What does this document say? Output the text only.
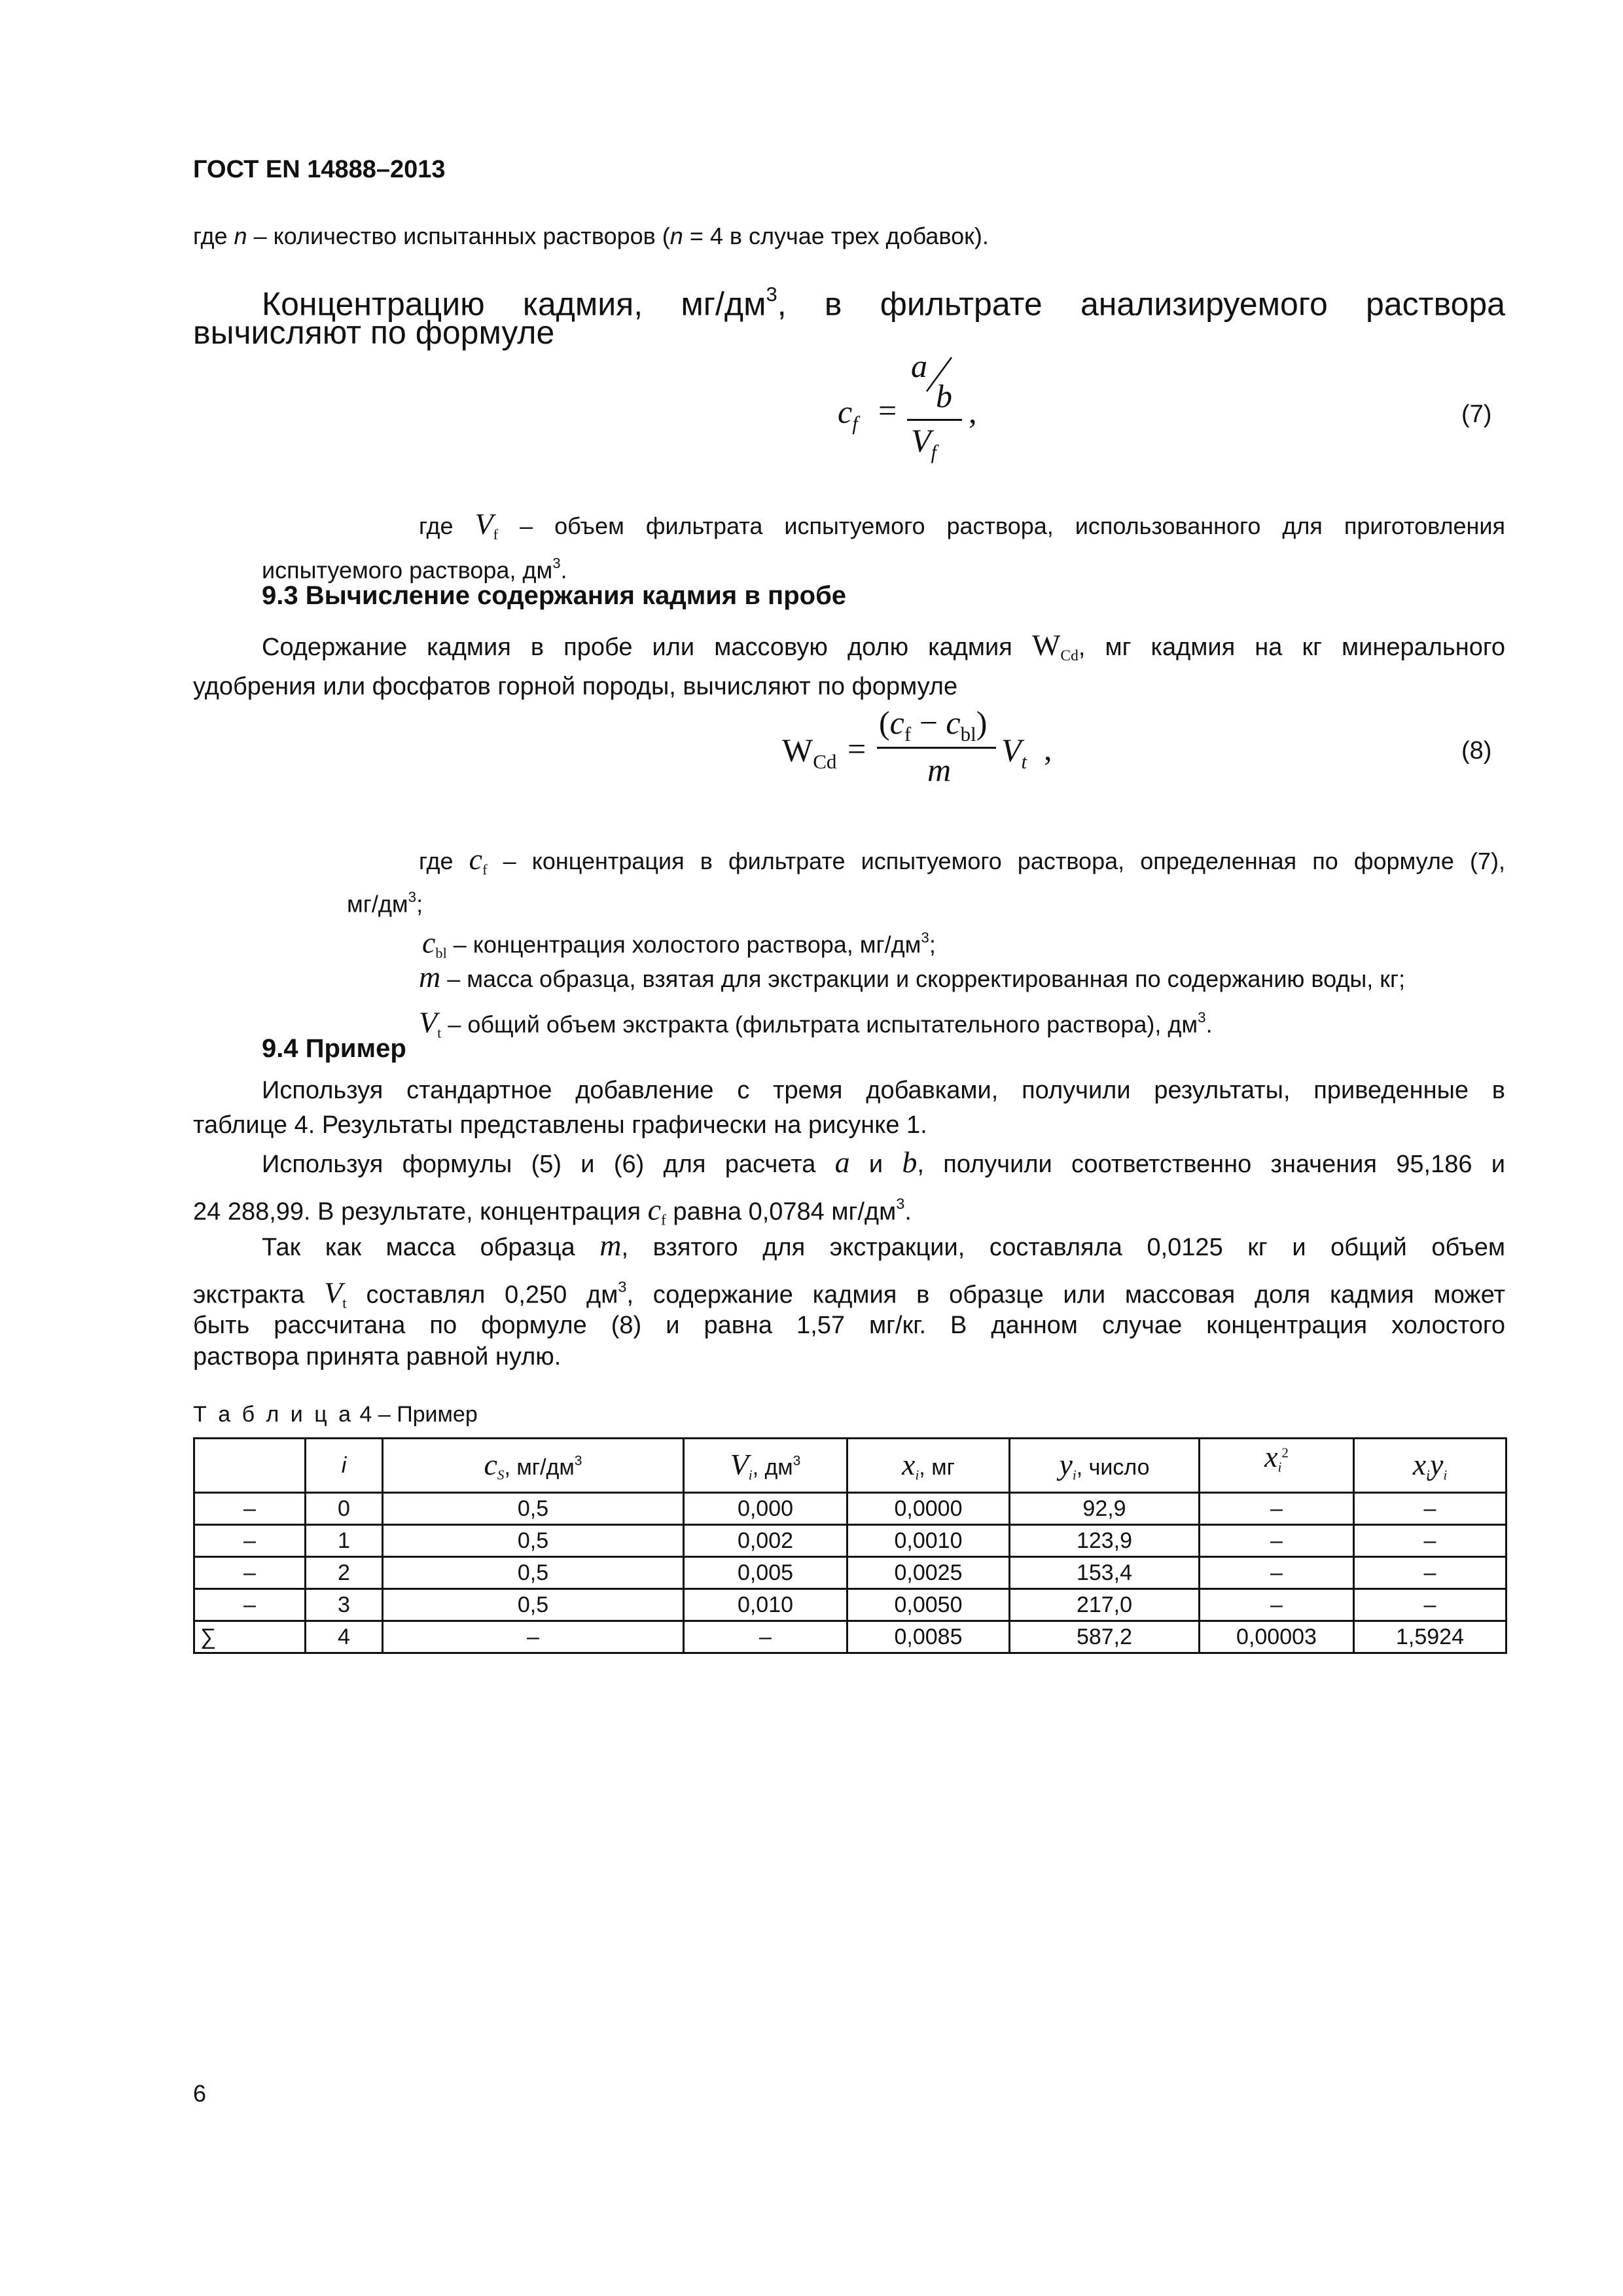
ГОСТ EN 14888–2013
где n – количество испытанных растворов (n = 4 в случае трех добавок).
Концентрацию кадмия, $мг/дм^3$, в фильтрате анализируемого раствора
вычисляют по формуле
$c_f$ =
a
b
$V_f$
,	(7)
где $V_f$ – объем фильтрата испытуемого раствора, использованного для приготовления
испытуемого раствора, $дм^3$.
9.3 Вычисление содержания кадмия в пробе
Содержание кадмия в пробе или массовую долю кадмия $W_{Cd}$, мг кадмия на кг минерального
удобрения или фосфатов горной породы, вычисляют по формуле
$W_{Cd}$ =
$(c_f - c_{bl})$
m
$V_t$ ,	(8)
где $c_f$ – концентрация в фильтрате испытуемого раствора, определенная по формуле (7),
$мг/дм^3$;
$c_{bl}$ – концентрация холостого раствора, $мг/дм^3$;
m – масса образца, взятая для экстракции и скорректированная по содержанию воды, кг;
$V_t$ – общий объем экстракта (фильтрата испытательного раствора), $дм^3$.
9.4 Пример
Используя стандартное добавление с тремя добавками, получили результаты, приведенные в
таблице 4. Результаты представлены графически на рисунке 1.
Используя формулы (5) и (6) для расчета a и b, получили соответственно значения 95,186 и
24 288,99. В результате, концентрация $c_f$ равна 0,0784 $мг/дм^3$.
Так как масса образца m, взятого для экстракции, составляла 0,0125 кг и общий объем
экстракта $V_t$ составлял 0,250 $дм^3$, содержание кадмия в образце или массовая доля кадмия может
быть рассчитана по формуле (8) и равна 1,57 мг/кг. В данном случае концентрация холостого
раствора принята равной нулю.
Т а б л и ц а 4 – Пример
	i	$c_S$, $мг/дм^3$	$V_i$, $дм^3$	$x_i$, мг	$y_i$, число	$x_i^2$	$x_iy_i$
–	0	0,5	0,000	0,0000	92,9	–	–
–	1	0,5	0,002	0,0010	123,9	–	–
–	2	0,5	0,005	0,0025	153,4	–	–
–	3	0,5	0,010	0,0050	217,0	–	–
∑	4	–	–	0,0085	587,2	0,00003	1,5924
6
